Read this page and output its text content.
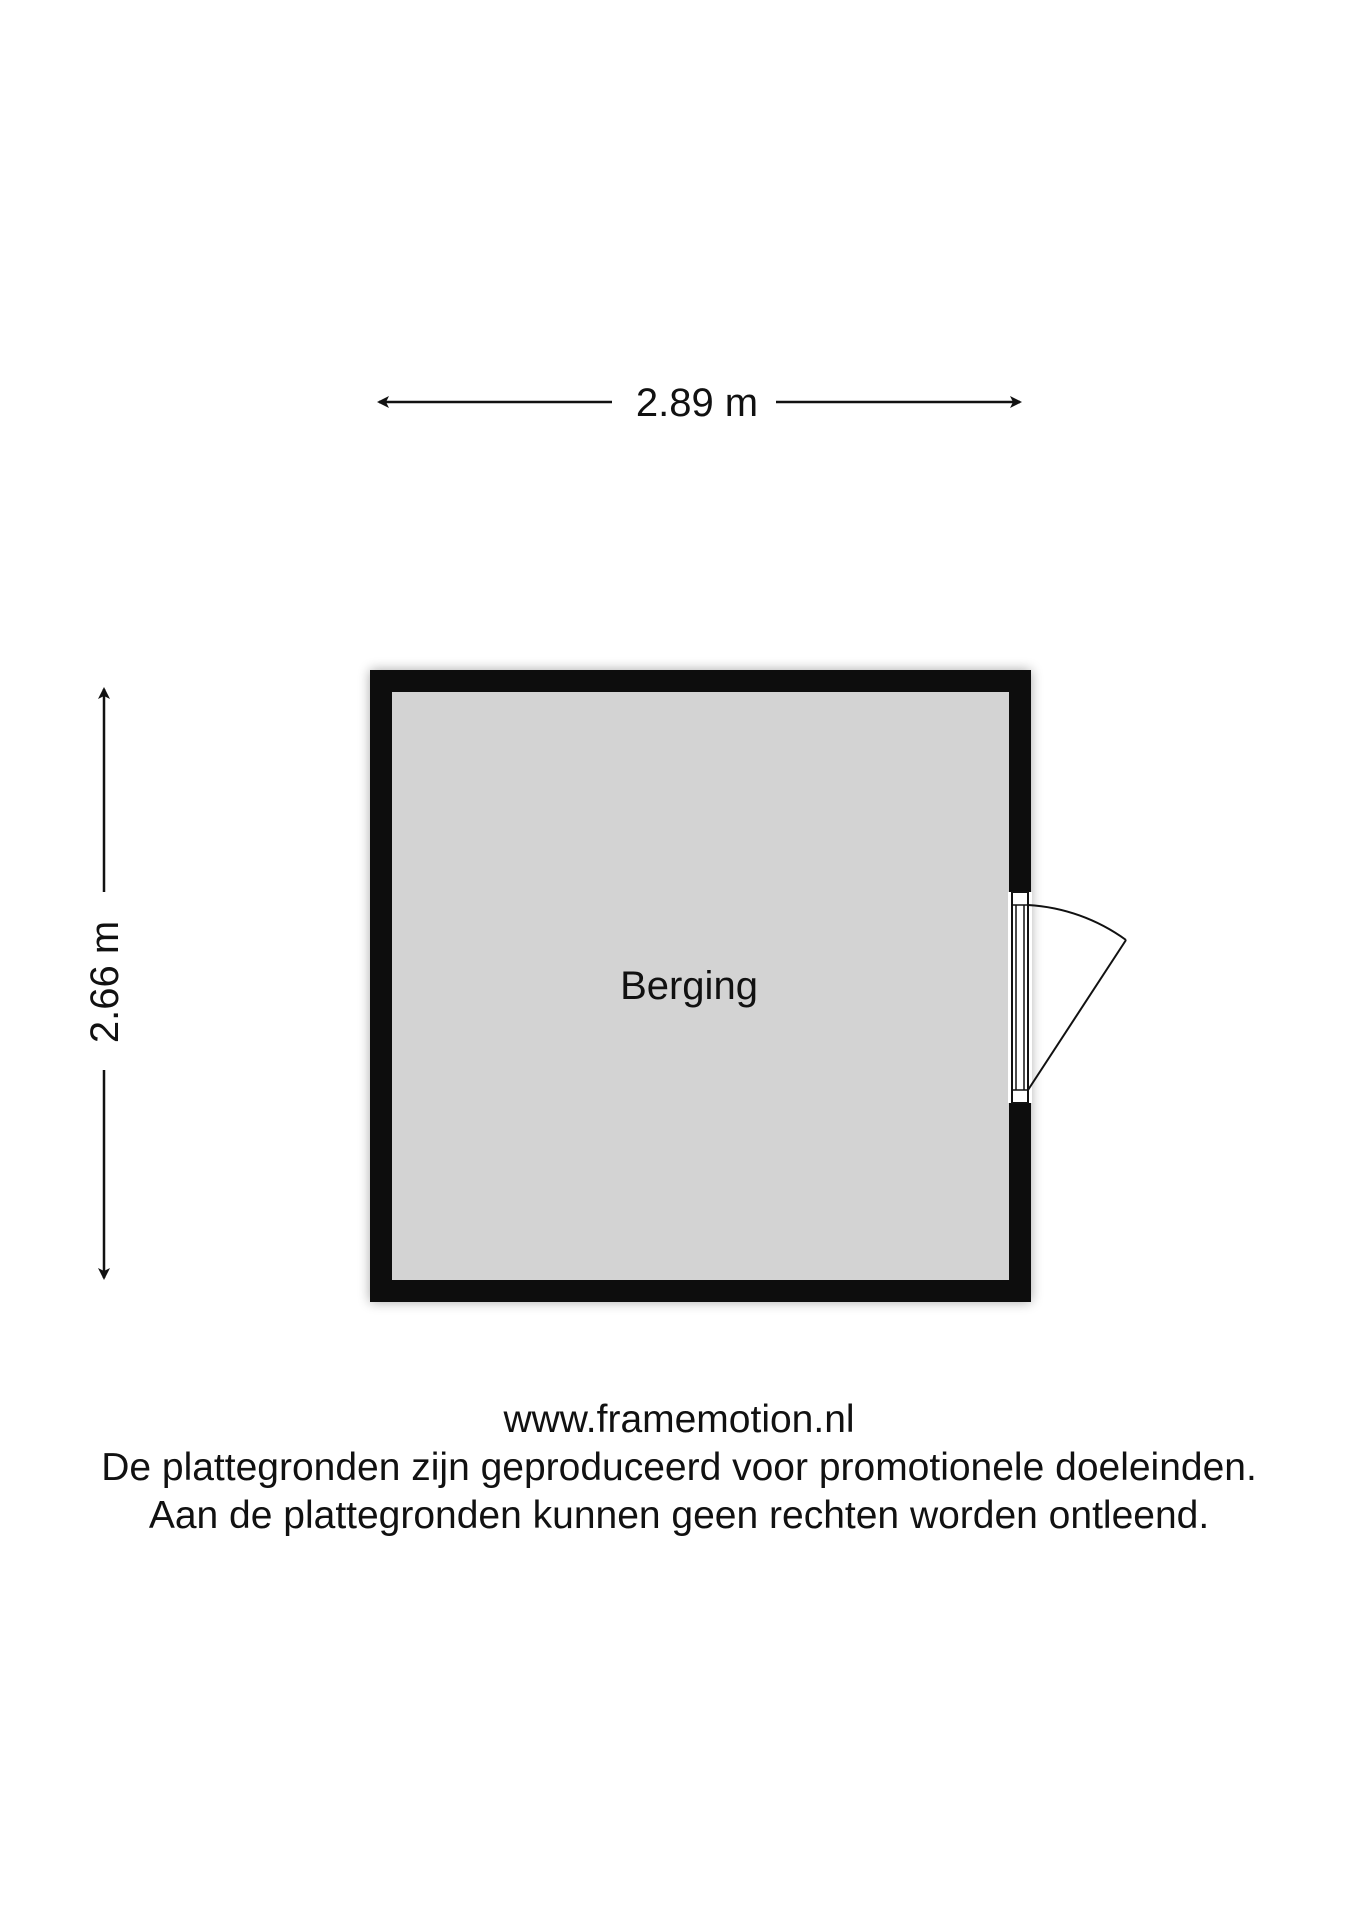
2.89 m
2.66 m	Berging
www.framemotion.nl
De plattegronden zijn geproduceerd voor promotionele doeleinden.
Aan de plattegronden kunnen geen rechten worden ontleend.
